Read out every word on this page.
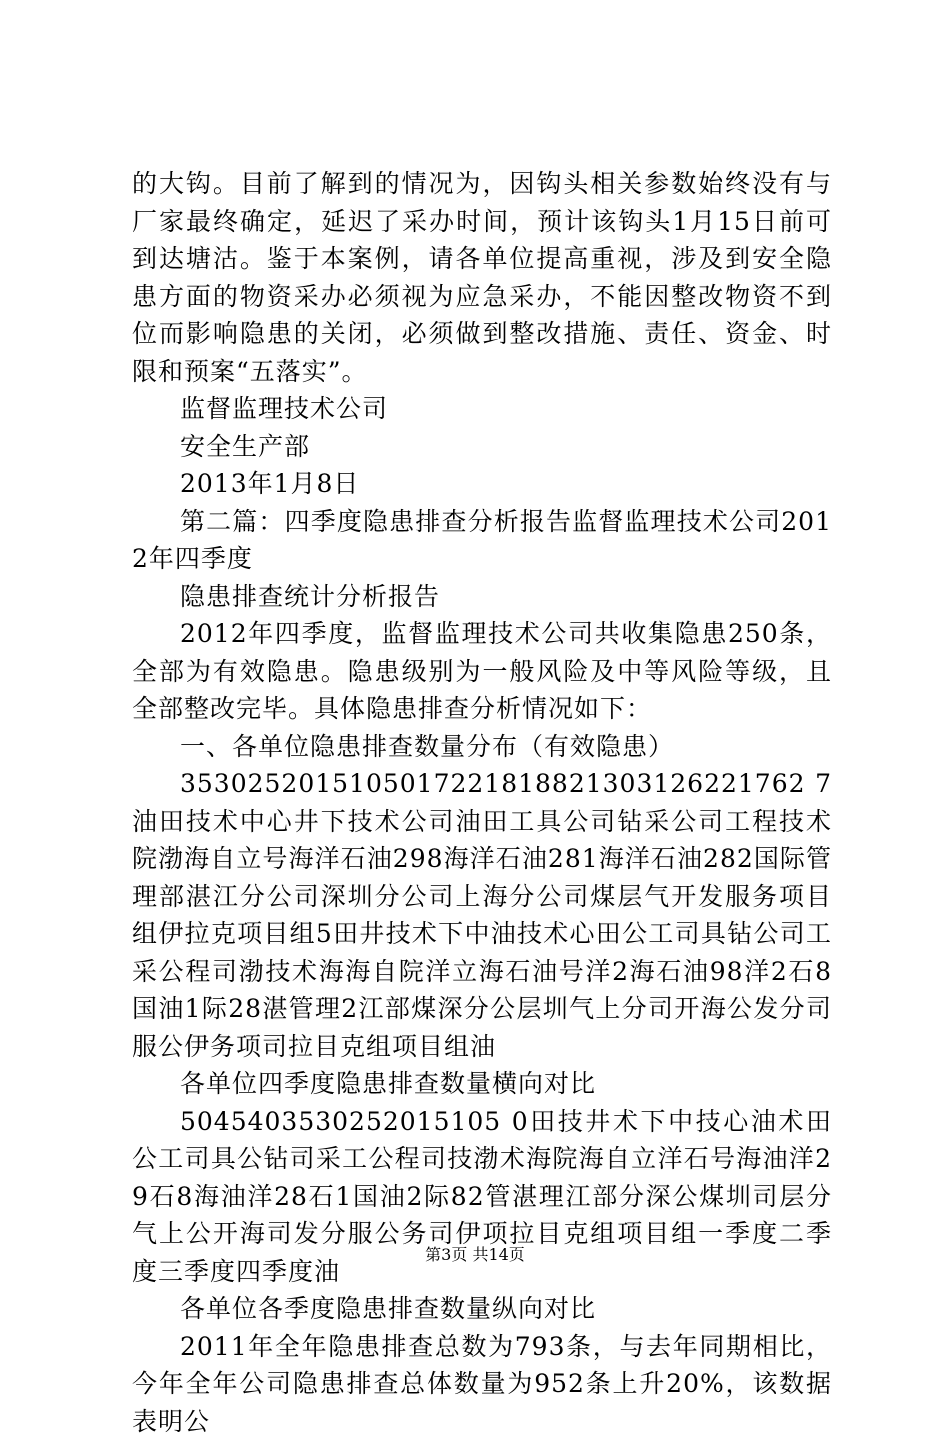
的大钩。目前了解到的情况为，因钩头相关参数始终没有与厂家最终确定，延迟了采办时间，预计该钩头1月15日前可到达塘沽。鉴于本案例，请各单位提高重视，涉及到安全隐患方面的物资采办必须视为应急采办，不能因整改物资不到位而影响隐患的关闭，必须做到整改措施、责任、资金、时限和预案“五落实”。

监督监理技术公司

安全生产部

2013年1月8日

第二篇：四季度隐患排查分析报告监督监理技术公司2012年四季度

隐患排查统计分析报告

2012年四季度，监督监理技术公司共收集隐患250条，全部为有效隐患。隐患级别为一般风险及中等风险等级，且全部整改完毕。具体隐患排查分析情况如下：

一、各单位隐患排查数量分布（有效隐患）

3530252015105017221818821303126221762 7油田技术中心井下技术公司油田工具公司钻采公司工程技术院渤海自立号海洋石油298海洋石油281海洋石油282国际管理部湛江分公司深圳分公司上海分公司煤层气开发服务项目组伊拉克项目组5田井技术下中油技术心田公工司具钻公司工采公程司渤技术海海自院洋立海石油号洋2海石油98洋2石8国油1际28湛管理2江部煤深分公层圳气上分司开海公发分司服公伊务项司拉目克组项目组油

各单位四季度隐患排查数量横向对比

5045403530252015105 0田技井术下中技心油术田公工司具公钻司采工公程司技渤术海院海自立洋石号海油洋29石8海油洋28石1国油2际82管湛理江部分深公煤圳司层分气上公开海司发分服公务司伊项拉目克组项目组一季度二季度三季度四季度油

各单位各季度隐患排查数量纵向对比

2011年全年隐患排查总数为793条，与去年同期相比，今年全年公司隐患排查总体数量为952条上升20%，该数据表明公

第3页 共14页
